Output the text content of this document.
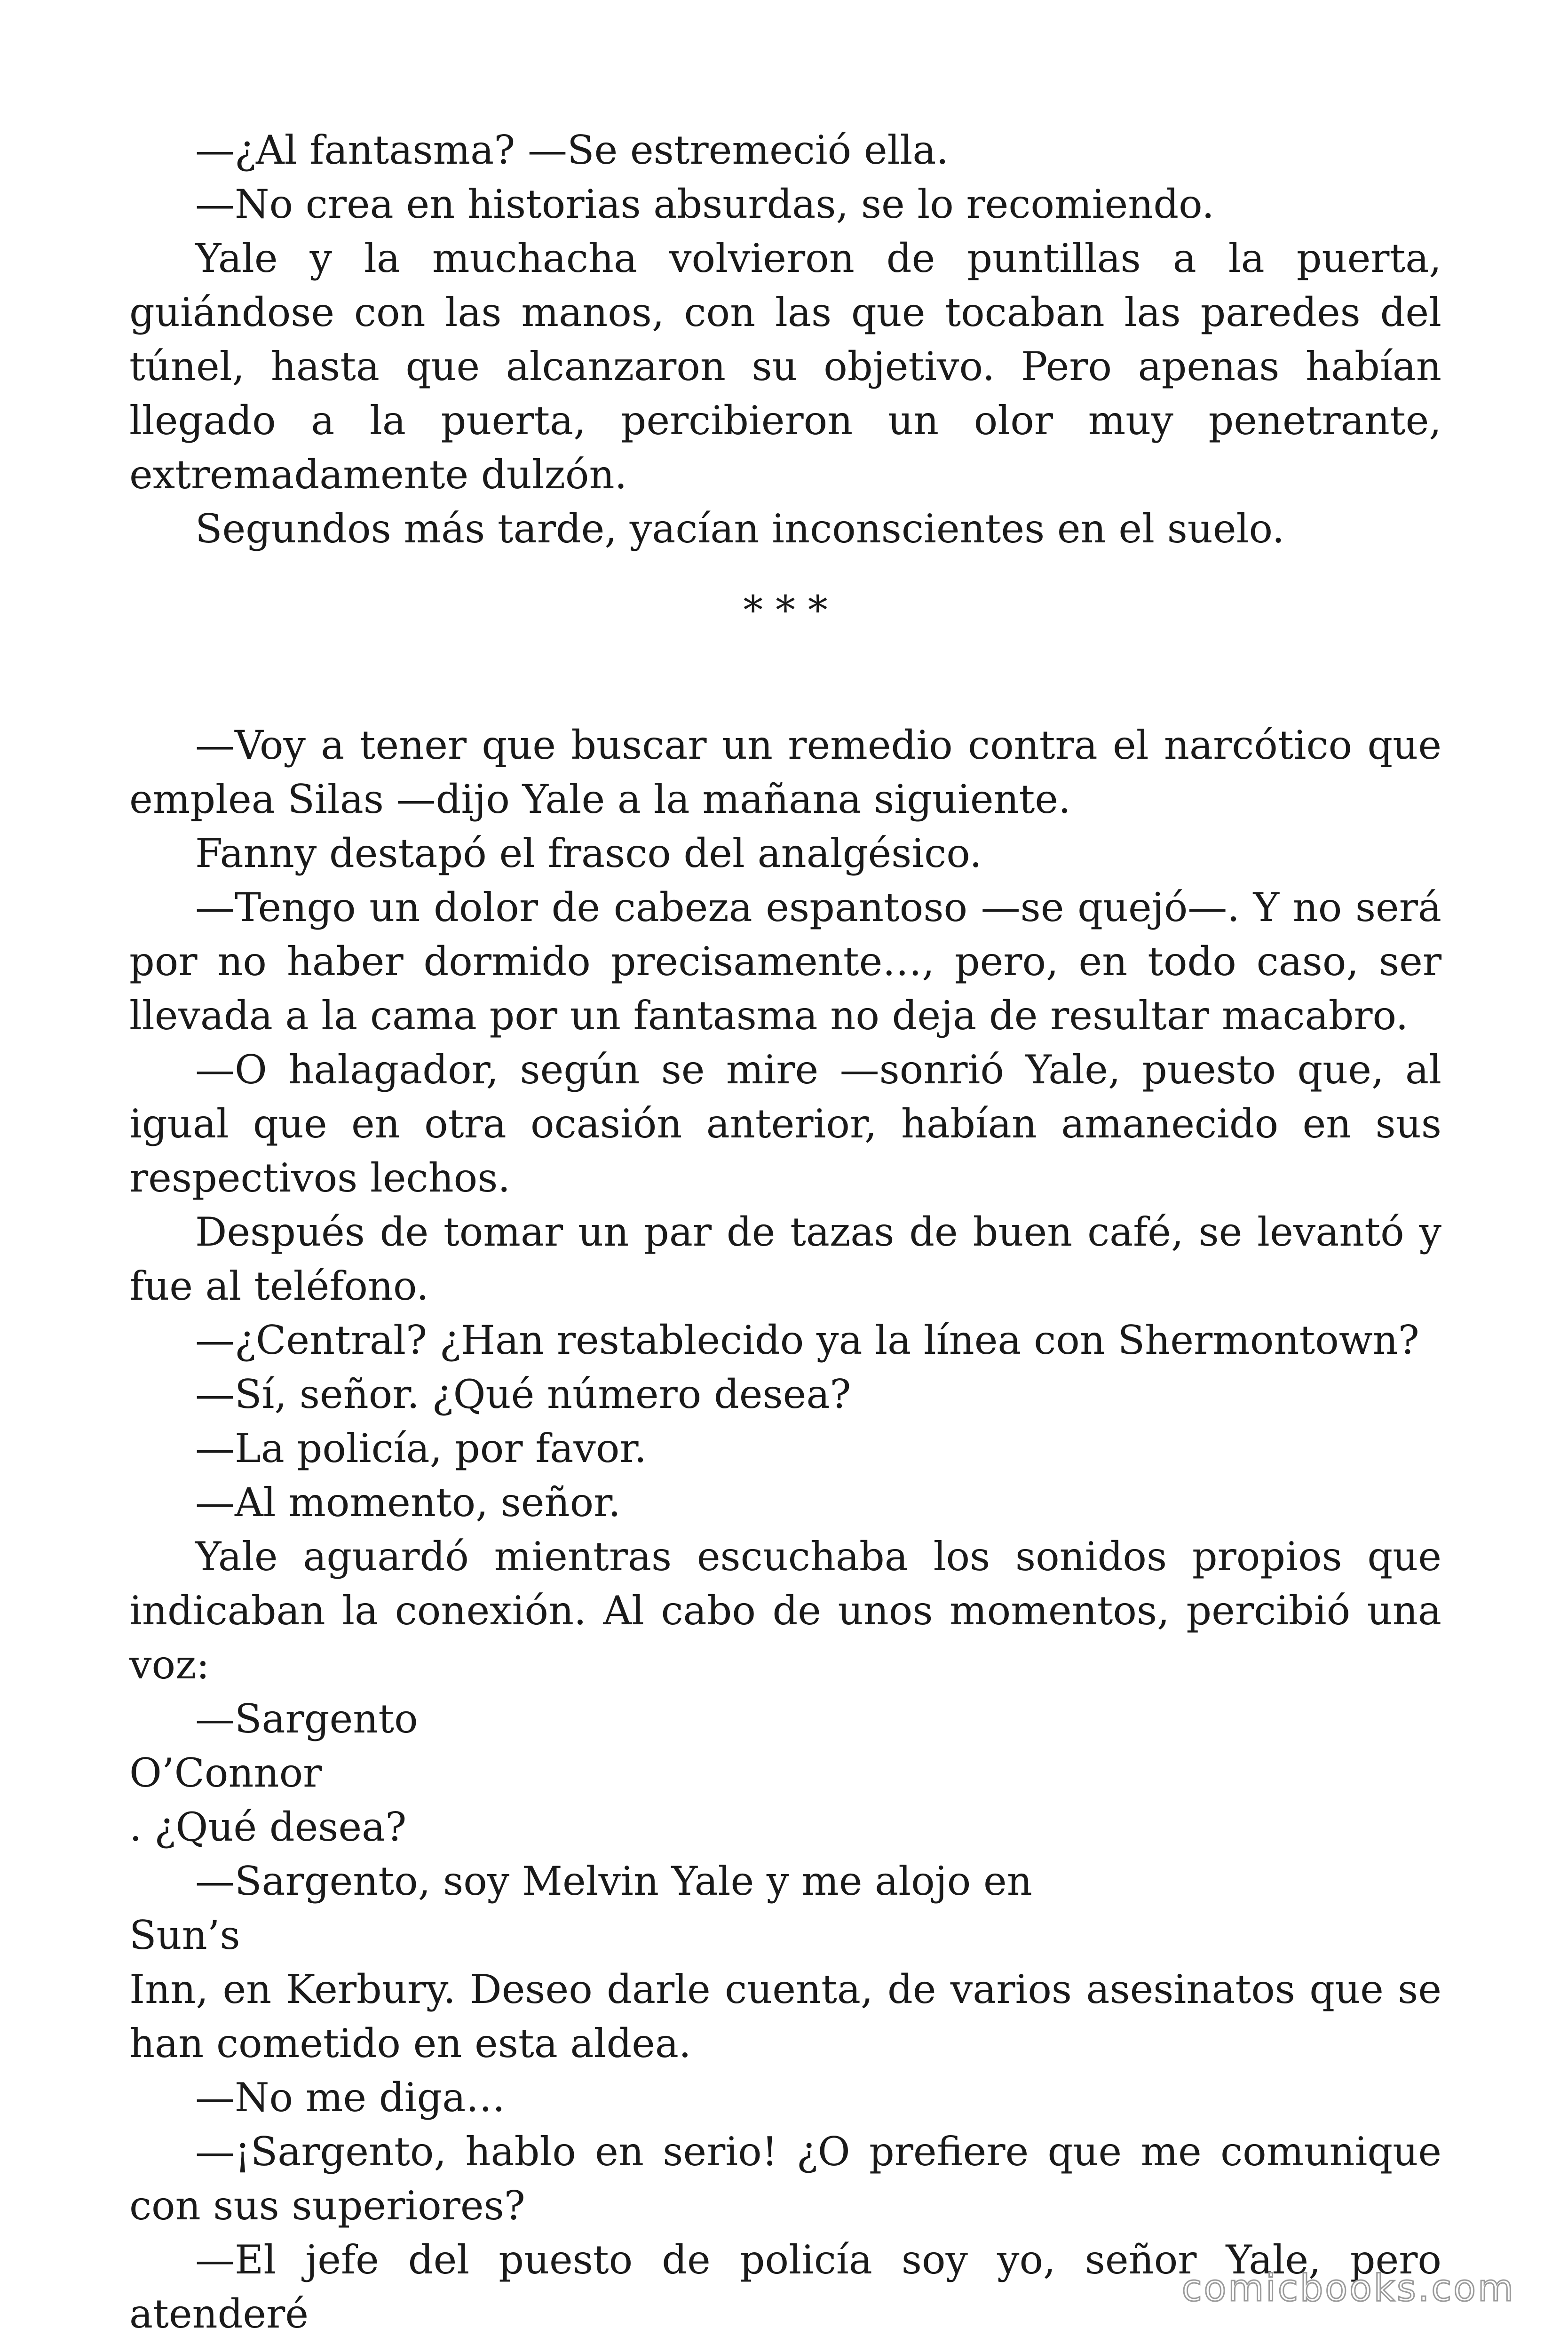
—¿Al fantasma? —Se estremeció ella.

—No crea en historias absurdas, se lo recomiendo.

Yale y la muchacha volvieron de puntillas a la puerta, guiándose con las manos, con las que tocaban las paredes del túnel, hasta que alcanzaron su objetivo. Pero apenas habían llegado a la puerta, percibieron un olor muy penetrante, extremadamente dulzón.

Segundos más tarde, yacían inconscientes en el suelo.

* * *

—Voy a tener que buscar un remedio contra el narcótico que emplea Silas —dijo Yale a la mañana siguiente.

Fanny destapó el frasco del analgésico.

—Tengo un dolor de cabeza espantoso —se quejó—. Y no será por no haber dormido precisamente…, pero, en todo caso, ser llevada a la cama por un fantasma no deja de resultar macabro.

—O halagador, según se mire —sonrió Yale, puesto que, al igual que en otra ocasión anterior, habían amanecido en sus respectivos lechos.

Después de tomar un par de tazas de buen café, se levantó y fue al teléfono.

—¿Central? ¿Han restablecido ya la línea con Shermontown?

—Sí, señor. ¿Qué número desea?

—La policía, por favor.

—Al momento, señor.

Yale aguardó mientras escuchaba los sonidos propios que indicaban la conexión. Al cabo de unos momentos, percibió una voz:

—Sargento

O’Connor

. ¿Qué desea?

—Sargento, soy Melvin Yale y me alojo en

Sun’s

Inn, en Kerbury. Deseo darle cuenta, de varios asesinatos que se han cometido en esta aldea.

—No me diga…

—¡Sargento, hablo en serio! ¿O prefiere que me comunique con sus superiores?

—El jefe del puesto de policía soy yo, señor Yale, pero atenderé

comicbooks.com
